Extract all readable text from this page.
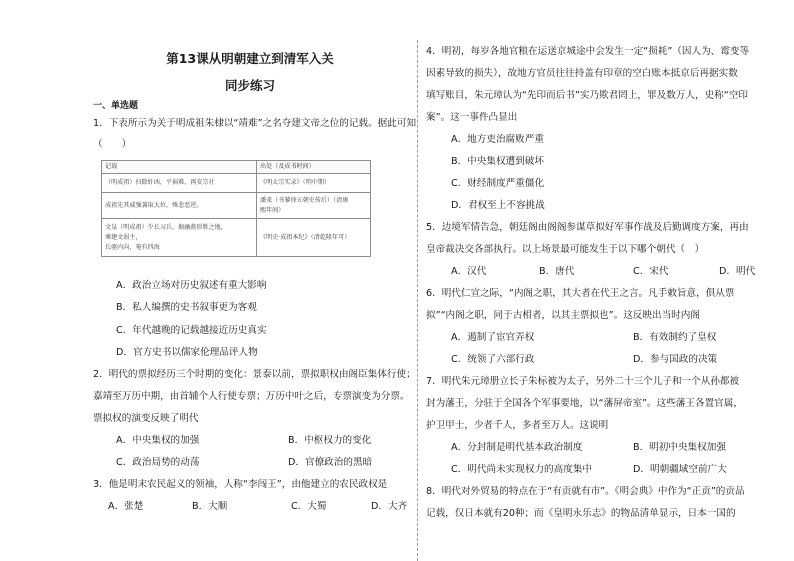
第13课从明朝建立到清军入关
同步练习
一、单选题
1．下表所示为关于明成祖朱棣以“靖难”之名夺建文帝之位的记载。据此可知
（　　）
记载	出处（及成书时间）
（明成祖）扫除奸凶，平祸难，再安宗社	《明太宗实录》（明中期）
成祖先其威强袭取大位，殊悲恶逆。	潘来（书蓼徐五朝史传后）（清康
熙年间）
文皇（明成祖）少长习兵，据幽燕形胜之地，
乘建文弱主，
长驱内向，奄有四海	《明史·成祖本纪》（清乾隆年可）
A．政治立场对历史叙述有重大影响
B．私人编撰的史书叙事更为客观
C．年代越晚的记载越接近历史真实
D．官方史书以儒家伦理品评人物
2．明代的票拟经历三个时期的变化：景泰以前，票拟职权由阁臣集体行使；
嘉靖至万历中期，由首辅个人行使专票；万历中叶之后，专票演变为分票。
票拟权的演变反映了明代
A．中央集权的加强	B．中枢权力的变化
C．政治局势的动荡	D．官僚政治的黑暗
3．他是明末农民起义的领袖，人称“李闯王”，由他建立的农民政权是
A．张楚	B．大顺	C．大蜀	D．大齐
4．明初，每岁各地官粮在运送京城途中会发生一定“损耗”（因人为、霉变等
因素导致的损失），故地方官员往往持盖有印章的空白账本抵京后再据实数
填写账目，朱元璋认为“先印而后书”实乃欺君罔上，罪及数万人，史称“空印
案”。这一事件凸显出
A．地方吏治腐败严重
B．中央集权遭到破坏
C．财经制度严重僵化
D．君权至上不容挑战
5．边境军情告急，朝廷阁由阁阁参谋草拟好军事作战及后勤调度方案，再由
皇帝裁决交各部执行。以上场景最可能发生于以下哪个朝代（　）
A．汉代	B．唐代	C．宋代	D．明代
6．明代仁宣之际，“内阁之职，其大者在代王之言。凡手敕旨意，俱从票
拟”“内阁之职，同于古相者，以其主票拟也”。这反映出当时内阁
A．遏制了宦官弄权	B．有效制约了皇权
C．统领了六部行政	D．参与国政的决策
7．明代朱元璋册立长子朱标被为太子，另外二十三个儿子和一个从孙都被
封为藩王，分驻于全国各个军事要地，以“藩屏帝室”。这些藩王各置官属，
护卫甲士，少者千人，多者至万人。这说明
A．分封制是明代基本政治制度	B．明初中央集权加强
C．明代尚未实现权力的高度集中	D．明朝疆域空前广大
8．明代对外贸易的特点在于“有贡就有市”。《明会典》中作为“正贡”的贡品
记载，仅日本就有20种；而《皇明永乐志》的物品清单显示，日本一国的
